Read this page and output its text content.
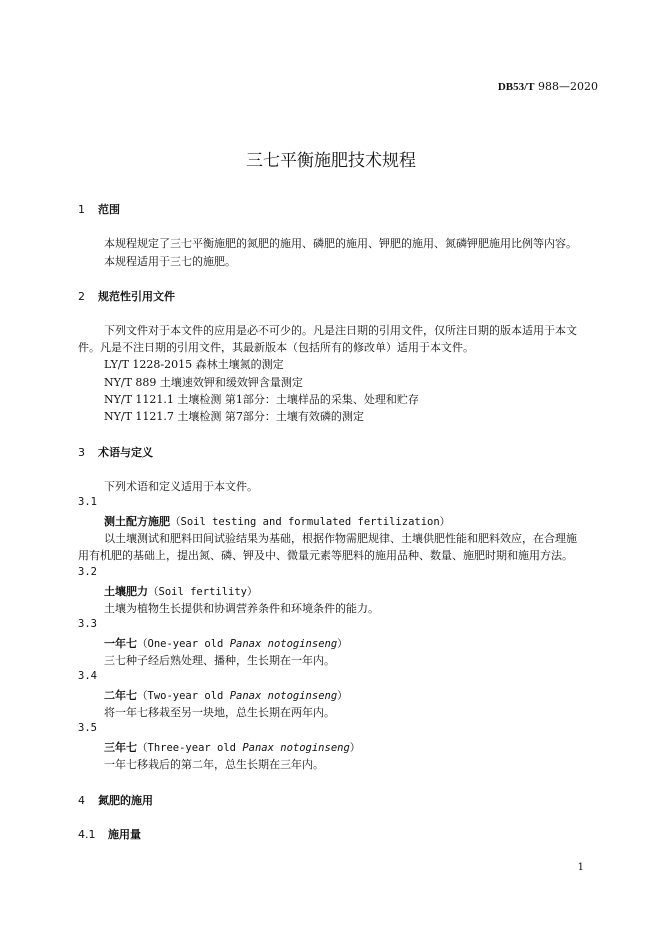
DB53/T 988—2020
三七平衡施肥技术规程
1 范围
本规程规定了三七平衡施肥的氮肥的施用、磷肥的施用、钾肥的施用、氮磷钾肥施用比例等内容。
本规程适用于三七的施肥。
2 规范性引用文件
下列文件对于本文件的应用是必不可少的。凡是注日期的引用文件，仅所注日期的版本适用于本文
件。凡是不注日期的引用文件，其最新版本（包括所有的修改单）适用于本文件。
LY/T 1228-2015 森林土壤氮的测定
NY/T 889 土壤速效钾和缓效钾含量测定
NY/T 1121.1 土壤检测 第1部分：土壤样品的采集、处理和贮存
NY/T 1121.7 土壤检测 第7部分：土壤有效磷的测定
3 术语与定义
下列术语和定义适用于本文件。
3.1
测土配方施肥（Soil testing and formulated fertilization）
以土壤测试和肥料田间试验结果为基础，根据作物需肥规律、土壤供肥性能和肥料效应，在合理施
用有机肥的基础上，提出氮、磷、钾及中、微量元素等肥料的施用品种、数量、施肥时期和施用方法。
3.2
土壤肥力（Soil fertility）
土壤为植物生长提供和协调营养条件和环境条件的能力。
3.3
一年七（One-year old Panax notoginseng）
三七种子经后熟处理、播种，生长期在一年内。
3.4
二年七（Two-year old Panax notoginseng）
将一年七移栽至另一块地，总生长期在两年内。
3.5
三年七（Three-year old Panax notoginseng）
一年七移栽后的第二年，总生长期在三年内。
4 氮肥的施用
4.1 施用量
1
